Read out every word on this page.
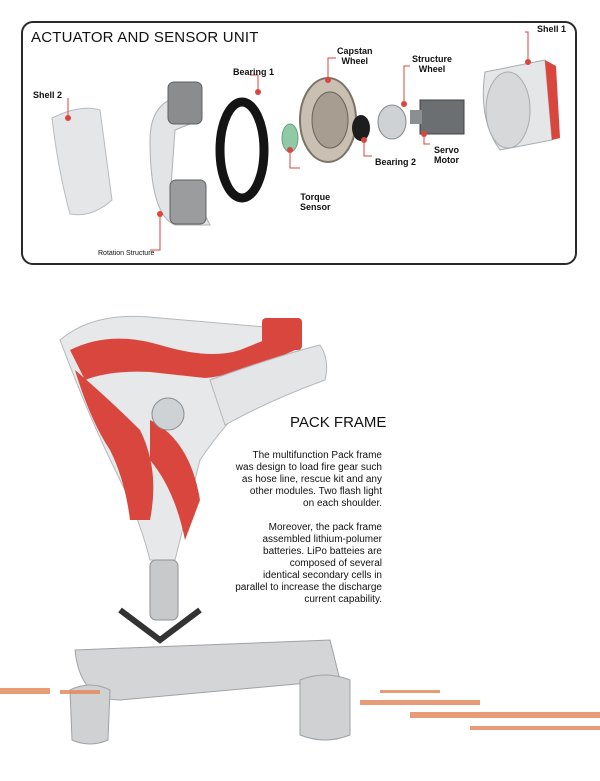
ACTUATOR AND SENSOR UNIT
EXO-05
Shell 1
Shell 2
Bearing 1
Capstan
Wheel	Structure
Wheel
Torque
Sensor
Bearing 2
Servo
Motor
Rotation Structure
PACK FRAME
The multifunction Pack frame
was design to load fire gear such
as hose line, rescue kit and any
other modules. Two flash light
on each shoulder.
Moreover, the pack frame
assembled lithium-polumer
batteries. LiPo batteies are
composed of several
identical secondary cells in
parallel to increase the discharge
current capability.
